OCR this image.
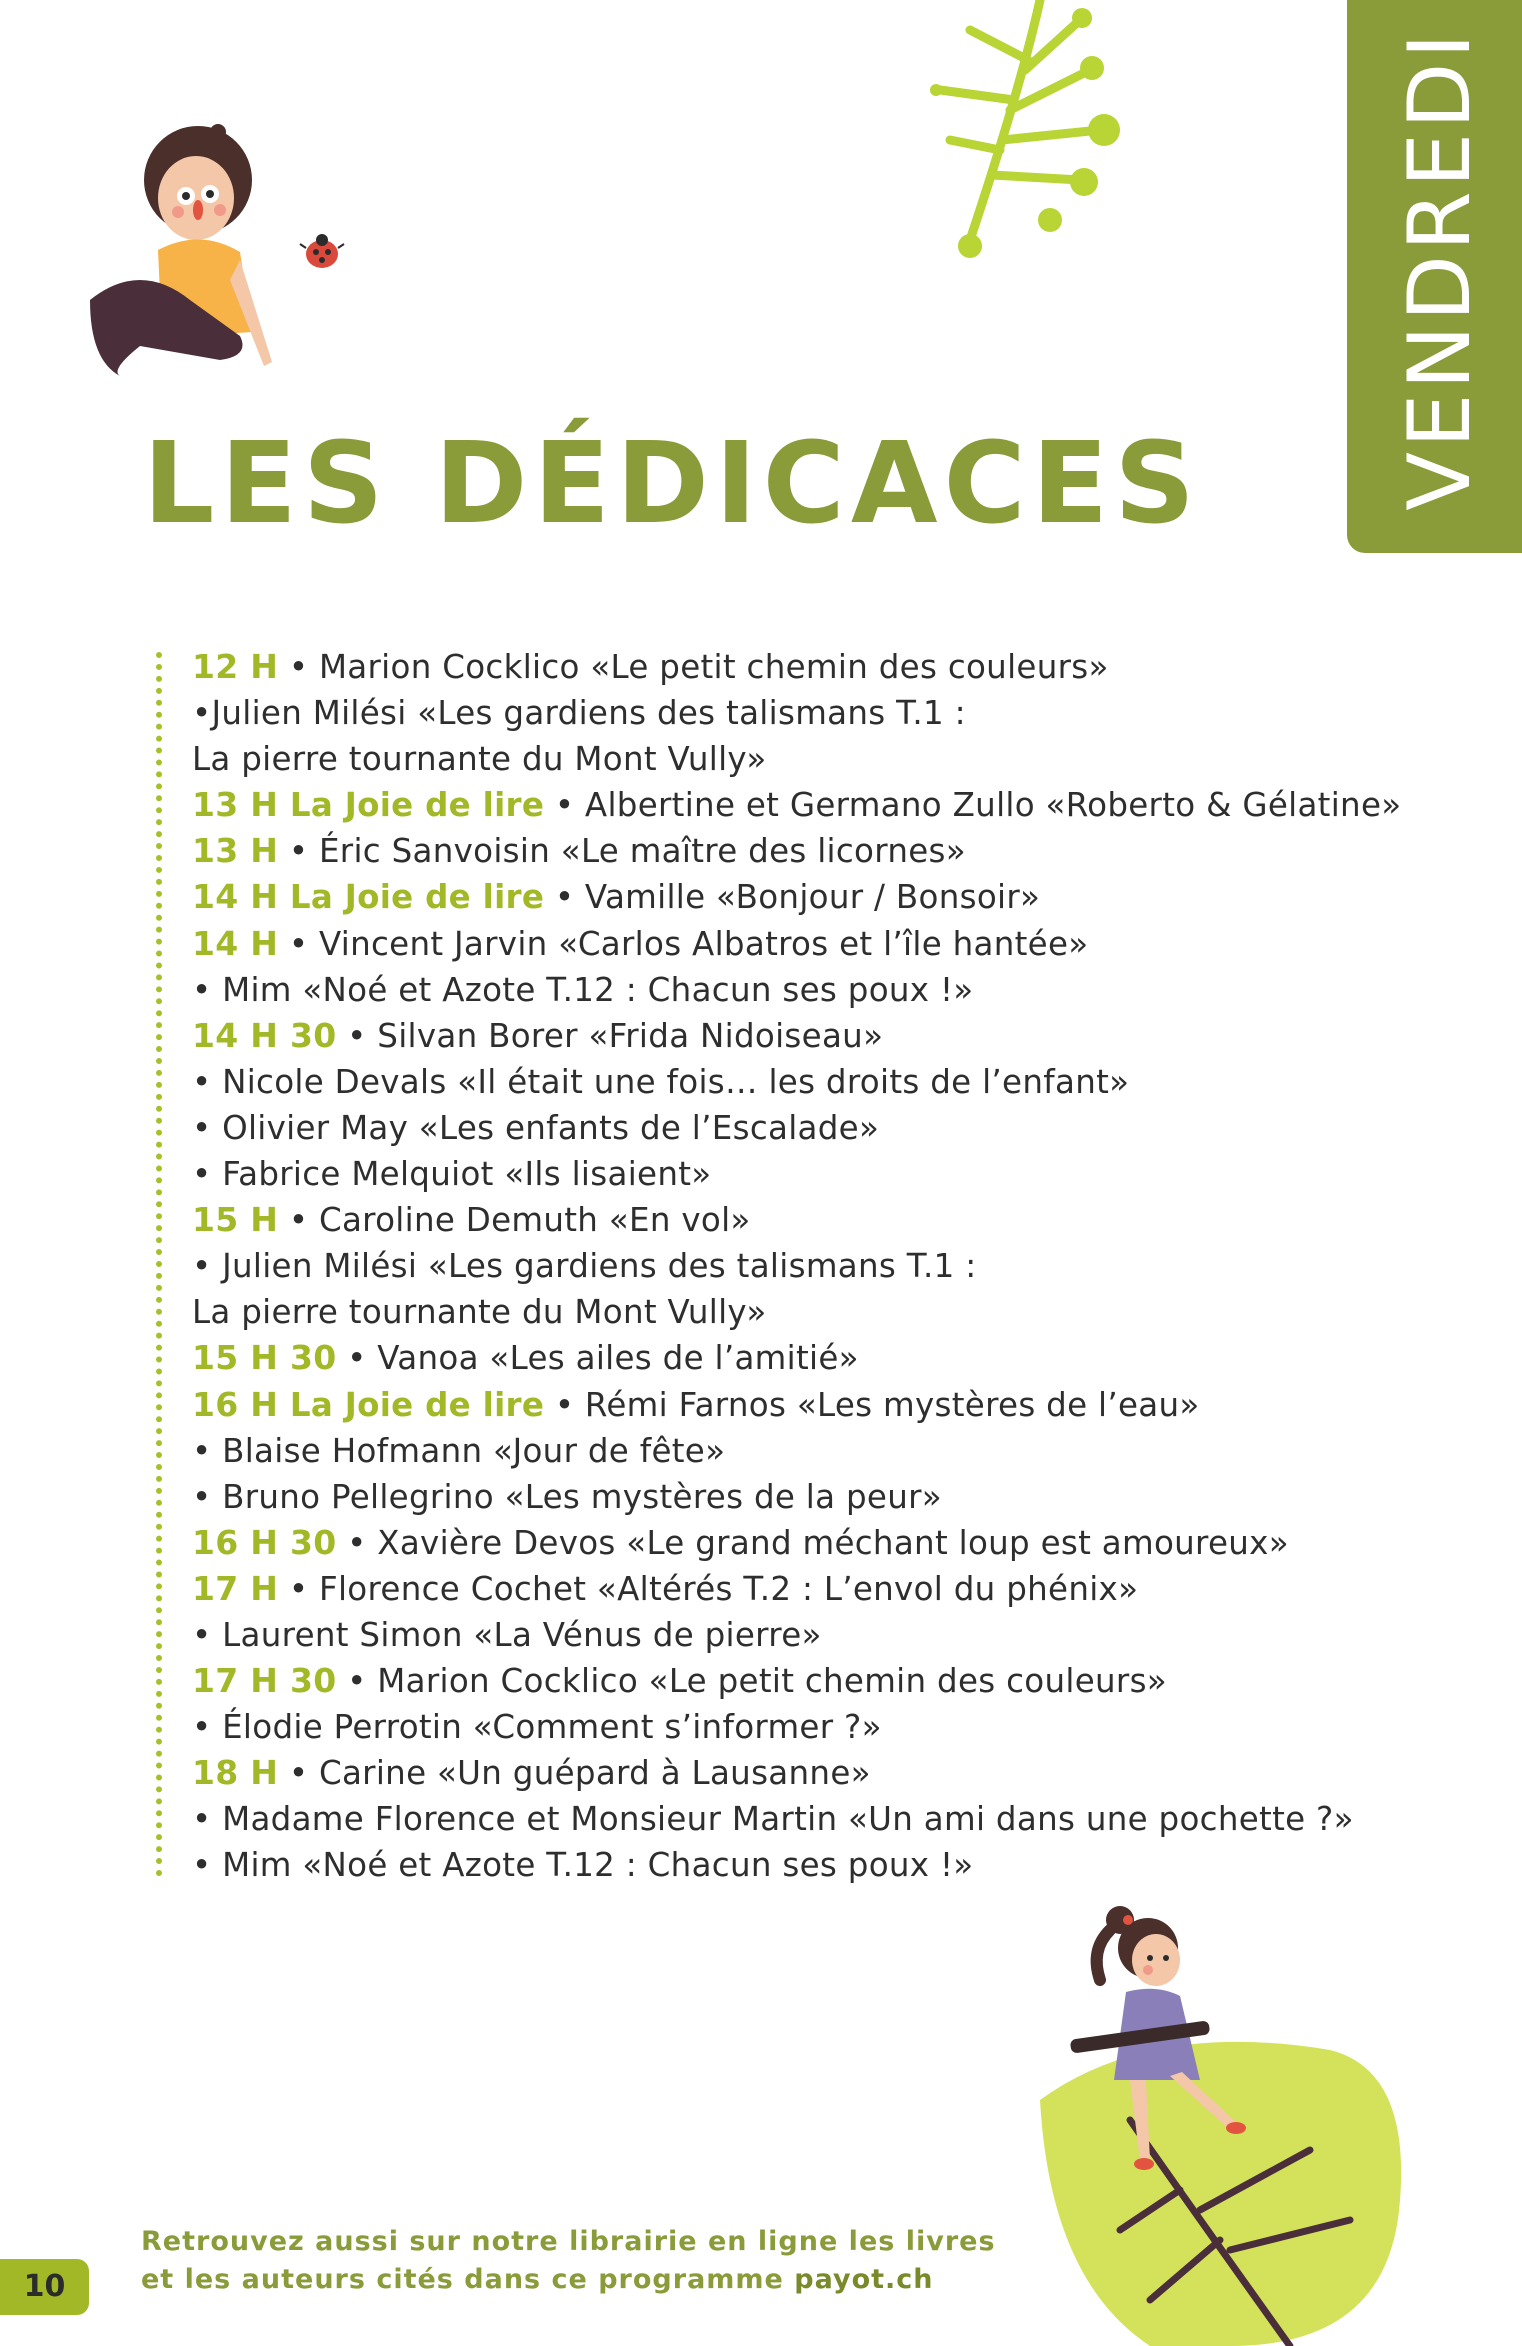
VENDREDI
LES DÉDICACES
12 H • Marion Cocklico «Le petit chemin des couleurs»
•Julien Milési «Les gardiens des talismans T.1 :
La pierre tournante du Mont Vully»
13 H La Joie de lire • Albertine et Germano Zullo «Roberto & Gélatine»
13 H • Éric Sanvoisin «Le maître des licornes»
14 H La Joie de lire • Vamille «Bonjour / Bonsoir»
14 H • Vincent Jarvin «Carlos Albatros et l’île hantée»
• Mim «Noé et Azote T.12 : Chacun ses poux !»
14 H 30 • Silvan Borer «Frida Nidoiseau»
• Nicole Devals «Il était une fois… les droits de l’enfant»
• Olivier May «Les enfants de l’Escalade»
• Fabrice Melquiot «Ils lisaient»
15 H • Caroline Demuth «En vol»
• Julien Milési «Les gardiens des talismans T.1 :
La pierre tournante du Mont Vully»
15 H 30 • Vanoa «Les ailes de l’amitié»
16 H La Joie de lire • Rémi Farnos «Les mystères de l’eau»
• Blaise Hofmann «Jour de fête»
• Bruno Pellegrino «Les mystères de la peur»
16 H 30 • Xavière Devos «Le grand méchant loup est amoureux»
17 H • Florence Cochet «Altérés T.2 : L’envol du phénix»
• Laurent Simon «La Vénus de pierre»
17 H 30 • Marion Cocklico «Le petit chemin des couleurs»
• Élodie Perrotin «Comment s’informer ?»
18 H • Carine «Un guépard à Lausanne»
• Madame Florence et Monsieur Martin «Un ami dans une pochette ?»
• Mim «Noé et Azote T.12 : Chacun ses poux !»
Retrouvez aussi sur notre librairie en ligne les livres
et les auteurs cités dans ce programme payot.ch
10
